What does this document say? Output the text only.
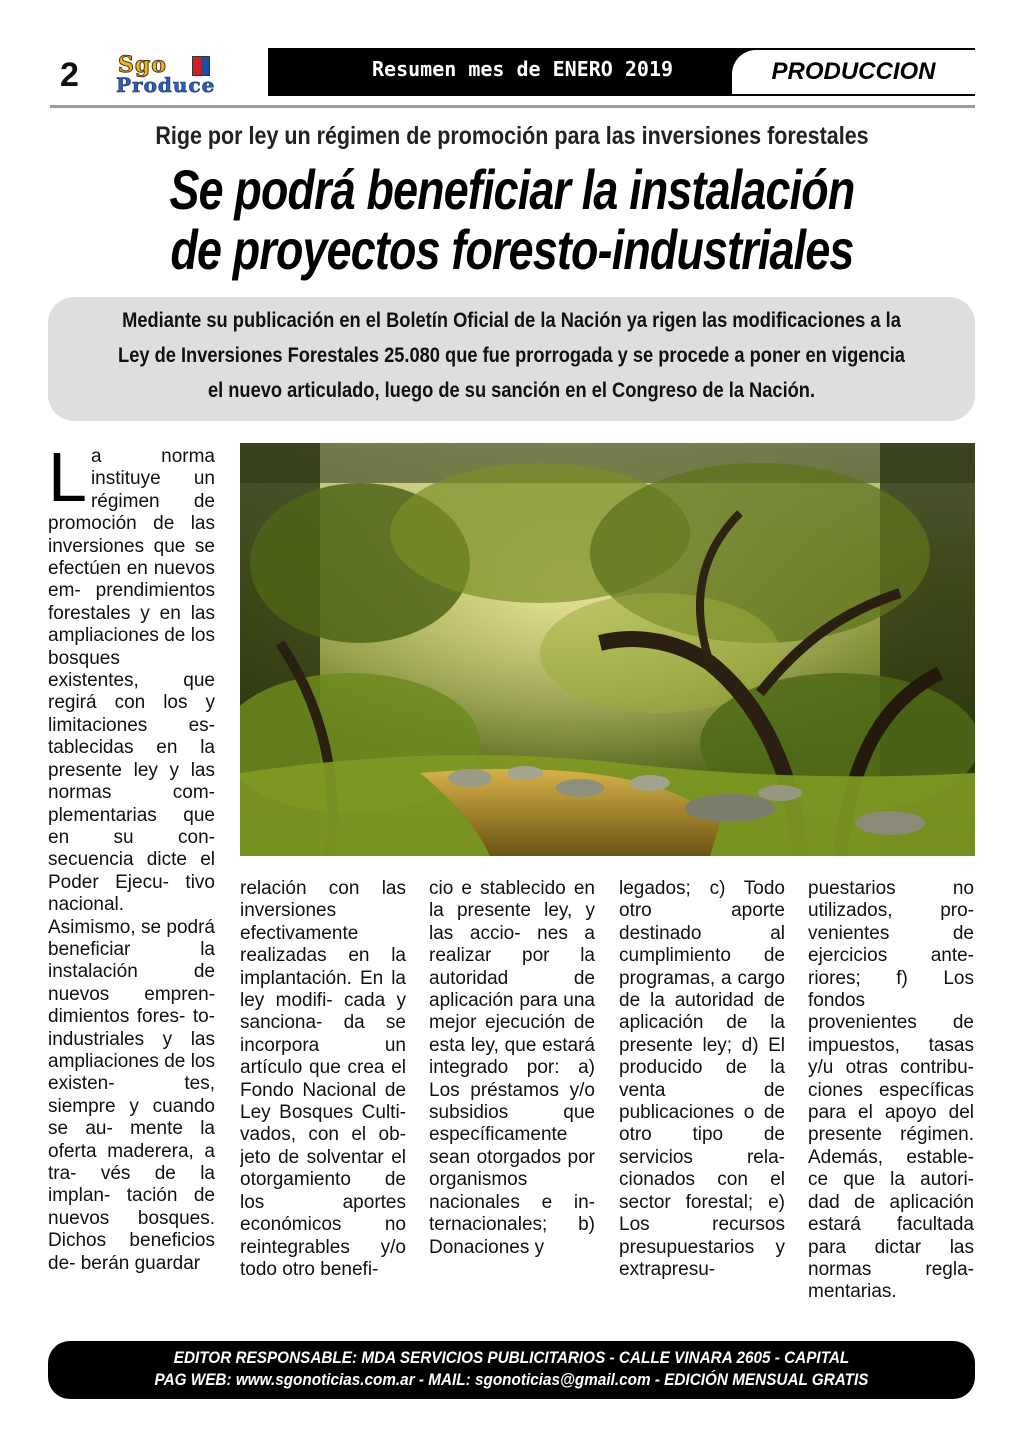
2 Sgo
Produce
Resumen mes de ENERO 2019	PRODUCCION
Rige por ley un régimen de promoción para las inversiones forestales
Se podrá beneficiar la instalación
de proyectos foresto-industriales
Mediante su publicación en el Boletín Oficial de la Nación ya rigen las modificaciones a la Ley de Inversiones Forestales 25.080 que fue prorrogada y se procede a poner en vigencia el nuevo articulado, luego de su sanción en el Congreso de la Nación.
L a norma instituye un régimen de promoción de las inversiones que se efectúen en nuevos em- prendimientos forestales y en las ampliaciones de los bosques existentes, que regirá con los y limitaciones es- tablecidas en la presente ley y las normas com- plementarias que en su con- secuencia dicte el Poder Ejecu- tivo nacional. Asimismo, se podrá beneficiar la instalación de nuevos empren- dimientos fores- to-industriales y las ampliaciones de los existen- tes, siempre y cuando se au- mente la oferta maderera, a tra- vés de la implan- tación de nuevos bosques. Dichos beneficios de- berán guardar
relación con las inversiones efectivamente realizadas en la implantación. En la ley modifi- cada y sanciona- da se incorpora un artículo que crea el Fondo Nacional de Ley Bosques Culti- vados, con el ob- jeto de solventar el otorgamiento de los aportes económicos no reintegrables y/o todo otro benefi-
cio e stablecido en la presente ley, y las accio- nes a realizar por la autoridad de aplicación para una mejor ejecución de esta ley, que estará integrado por: a) Los préstamos y/o subsidios que específicamente sean otorgados por organismos nacionales e in- ternacionales; b) Donaciones y
legados; c) Todo otro aporte destinado al cumplimiento de programas, a cargo de la autoridad de aplicación de la presente ley; d) El producido de la venta de publicaciones o de otro tipo de servicios rela- cionados con el sector forestal; e) Los recursos presupuestarios y extrapresu-
puestarios no utilizados, pro- venientes de ejercicios ante- riores; f) Los fondos provenientes de impuestos, tasas y/u otras contribu- ciones específicas para el apoyo del presente régimen. Además, estable- ce que la autori- dad de aplicación estará facultada para dictar las normas regla- mentarias.
EDITOR RESPONSABLE: MDA SERVICIOS PUBLICITARIOS - CALLE VINARA 2605 - CAPITAL
PAG WEB: www.sgonoticias.com.ar - MAIL: sgonoticias@gmail.com - EDICIÓN MENSUAL GRATIS
